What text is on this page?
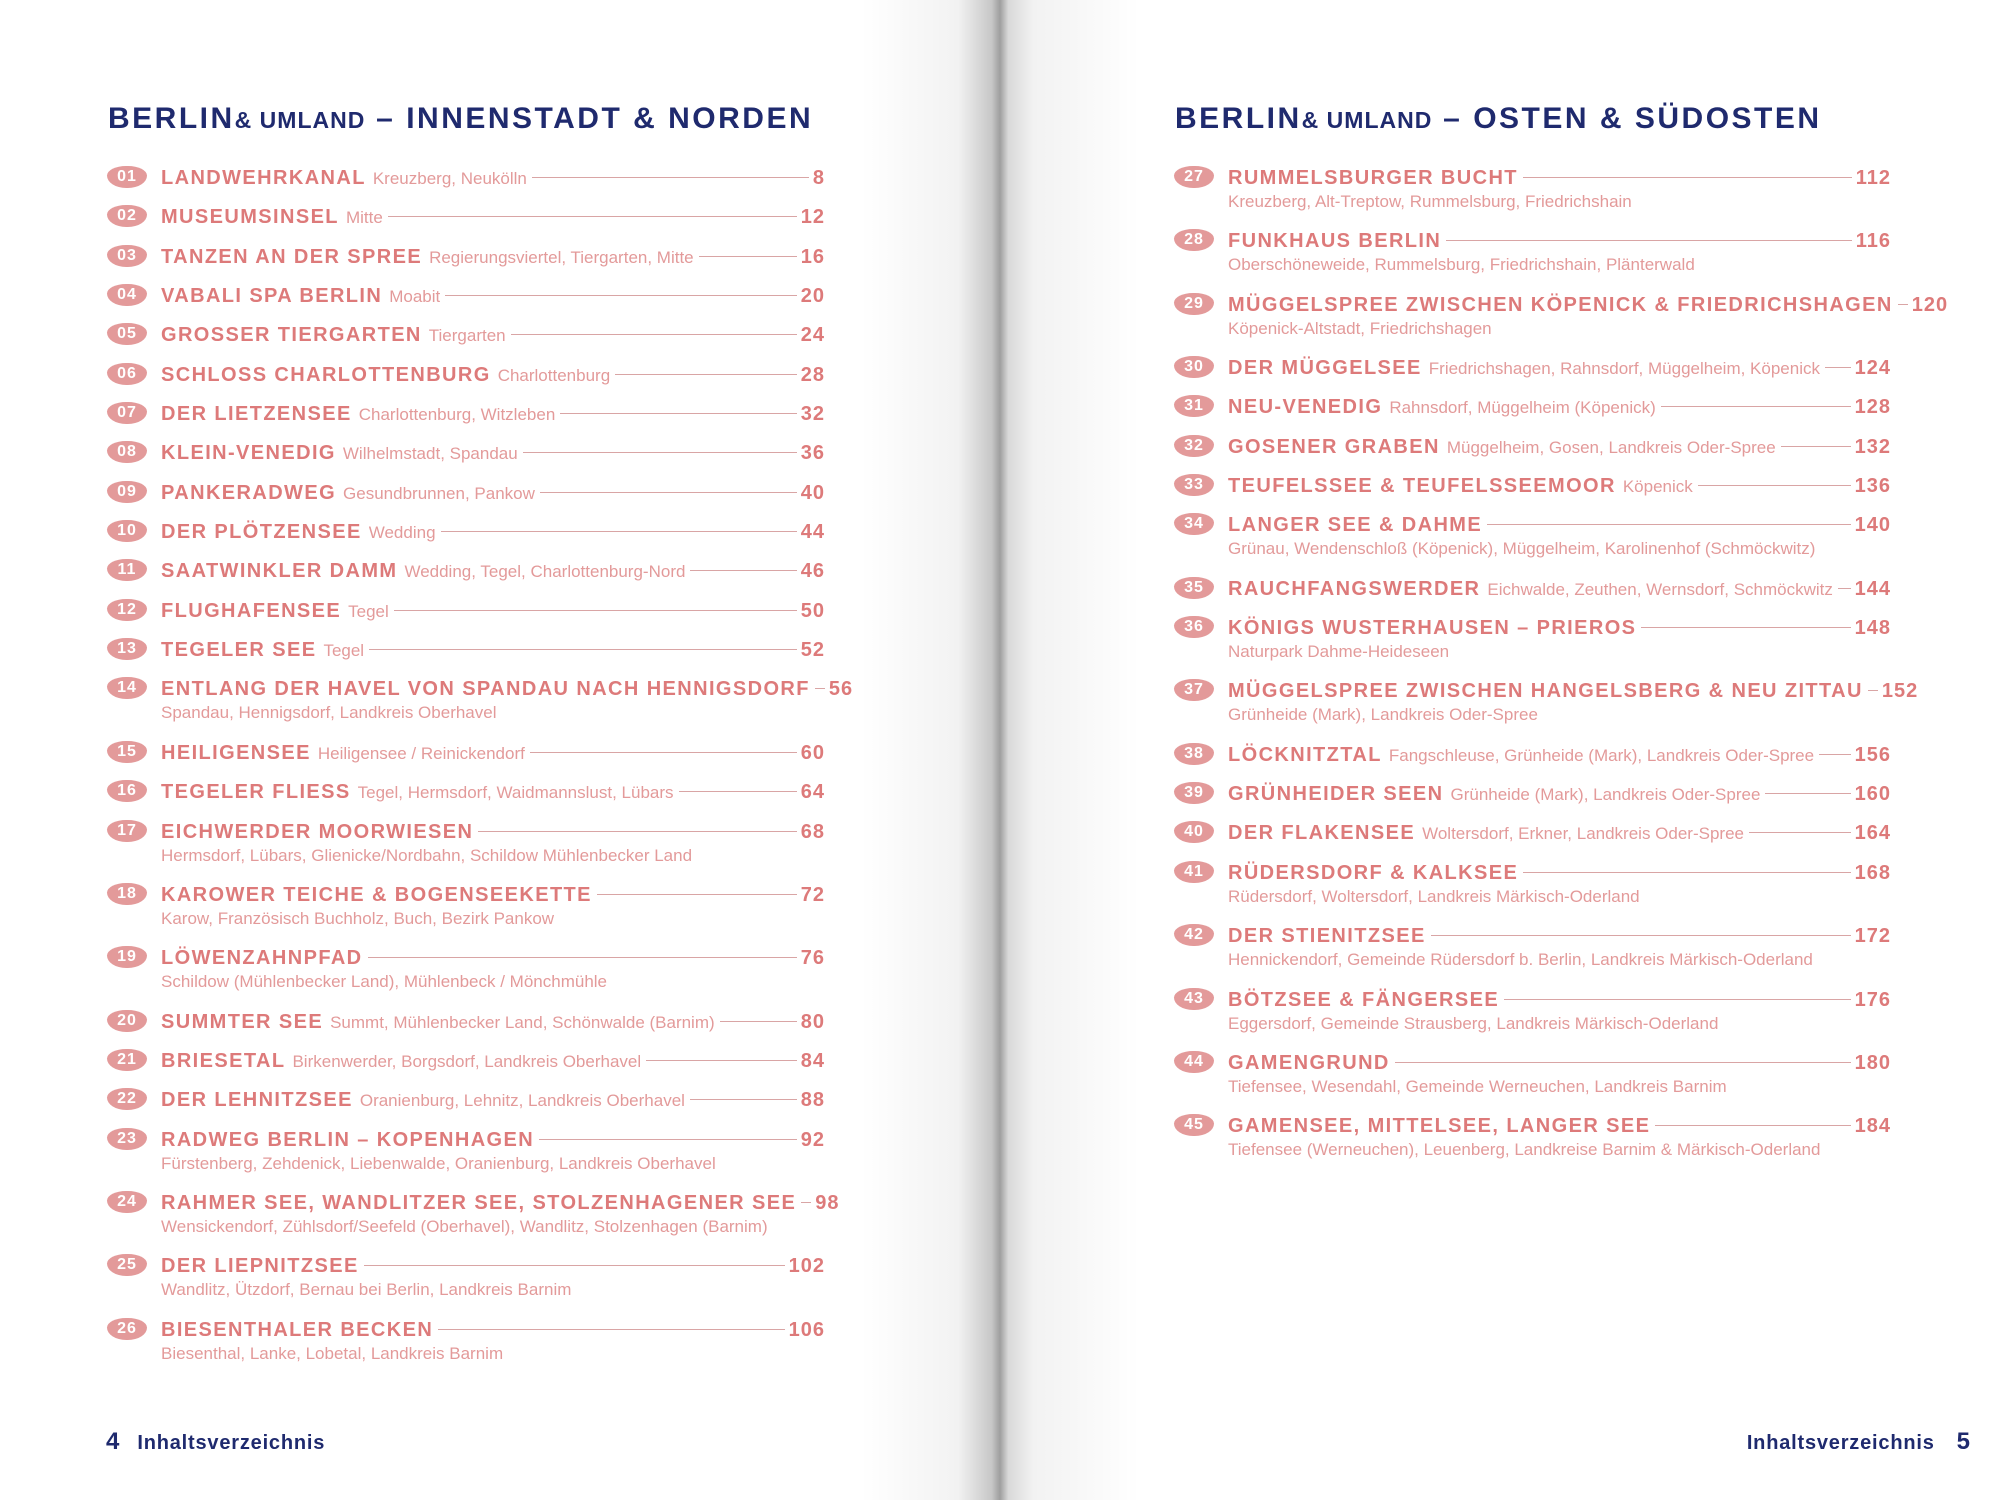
BERLIN& UMLAND – INNENSTADT & NORDEN
01	LANDWEHRKANAL Kreuzberg, Neukölln	8
02	MUSEUMSINSEL Mitte	12
03	TANZEN AN DER SPREE Regierungsviertel, Tiergarten, Mitte	16
04	VABALI SPA BERLIN Moabit	20
05	GROSSER TIERGARTEN Tiergarten	24
06	SCHLOSS CHARLOTTENBURG Charlottenburg	28
07	DER LIETZENSEE Charlottenburg, Witzleben	32
08	KLEIN-VENEDIG Wilhelmstadt, Spandau	36
09	PANKERADWEG Gesundbrunnen, Pankow	40
10	DER PLÖTZENSEE Wedding	44
11	SAATWINKLER DAMM Wedding, Tegel, Charlottenburg-Nord	46
12	FLUGHAFENSEE Tegel	50
13	TEGELER SEE Tegel	52
14	ENTLANG DER HAVEL VON SPANDAU NACH HENNIGSDORF 56
Spandau, Hennigsdorf, Landkreis Oberhavel
15	HEILIGENSEE Heiligensee / Reinickendorf	60
16	TEGELER FLIESS Tegel, Hermsdorf, Waidmannslust, Lübars	64
17	EICHWERDER MOORWIESEN	68
Hermsdorf, Lübars, Glienicke/Nordbahn, Schildow Mühlenbecker Land
18	KAROWER TEICHE & BOGENSEEKETTE	72
Karow, Französisch Buchholz, Buch, Bezirk Pankow
19	LÖWENZAHNPFAD	76
Schildow (Mühlenbecker Land), Mühlenbeck / Mönchmühle
20	SUMMTER SEE Summt, Mühlenbecker Land, Schönwalde (Barnim)	80
21	BRIESETAL Birkenwerder, Borgsdorf, Landkreis Oberhavel	84
22	DER LEHNITZSEE Oranienburg, Lehnitz, Landkreis Oberhavel	88
23	RADWEG BERLIN – KOPENHAGEN	92
Fürstenberg, Zehdenick, Liebenwalde, Oranienburg, Landkreis Oberhavel
24	RAHMER SEE, WANDLITZER SEE, STOLZENHAGENER SEE 98
Wensickendorf, Zühlsdorf/Seefeld (Oberhavel), Wandlitz, Stolzenhagen (Barnim)
25	DER LIEPNITZSEE	102
Wandlitz, Ützdorf, Bernau bei Berlin, Landkreis Barnim
26	BIESENTHALER BECKEN	106
Biesenthal, Lanke, Lobetal, Landkreis Barnim
4 Inhaltsverzeichnis
BERLIN& UMLAND – OSTEN & SÜDOSTEN
27	RUMMELSBURGER BUCHT	112
Kreuzberg, Alt-Treptow, Rummelsburg, Friedrichshain
28	FUNKHAUS BERLIN	116
Oberschöneweide, Rummelsburg, Friedrichshain, Plänterwald
29	MÜGGELSPREE ZWISCHEN KÖPENICK & FRIEDRICHSHAGEN 120
Köpenick-Altstadt, Friedrichshagen
30	DER MÜGGELSEE Friedrichshagen, Rahnsdorf, Müggelheim, Köpenick 124
31	NEU-VENEDIG Rahnsdorf, Müggelheim (Köpenick)	128
32	GOSENER GRABEN Müggelheim, Gosen, Landkreis Oder-Spree	132
33	TEUFELSSEE & TEUFELSSEEMOOR Köpenick	136
34	LANGER SEE & DAHME	140
Grünau, Wendenschloß (Köpenick), Müggelheim, Karolinenhof (Schmöckwitz)
35	RAUCHFANGSWERDER Eichwalde, Zeuthen, Wernsdorf, Schmöckwitz 144
36	KÖNIGS WUSTERHAUSEN – PRIEROS	148
Naturpark Dahme-Heideseen
37	MÜGGELSPREE ZWISCHEN HANGELSBERG & NEU ZITTAU 152
Grünheide (Mark), Landkreis Oder-Spree
38	LÖCKNITZTAL Fangschleuse, Grünheide (Mark), Landkreis Oder-Spree 156
39	GRÜNHEIDER SEEN Grünheide (Mark), Landkreis Oder-Spree	160
40	DER FLAKENSEE Woltersdorf, Erkner, Landkreis Oder-Spree	164
41	RÜDERSDORF & KALKSEE	168
Rüdersdorf, Woltersdorf, Landkreis Märkisch-Oderland
42	DER STIENITZSEE	172
Hennickendorf, Gemeinde Rüdersdorf b. Berlin, Landkreis Märkisch-Oderland
43	BÖTZSEE & FÄNGERSEE	176
Eggersdorf, Gemeinde Strausberg, Landkreis Märkisch-Oderland
44	GAMENGRUND	180
Tiefensee, Wesendahl, Gemeinde Werneuchen, Landkreis Barnim
45	GAMENSEE, MITTELSEE, LANGER SEE	184
Tiefensee (Werneuchen), Leuenberg, Landkreise Barnim & Märkisch-Oderland
Inhaltsverzeichnis 5
